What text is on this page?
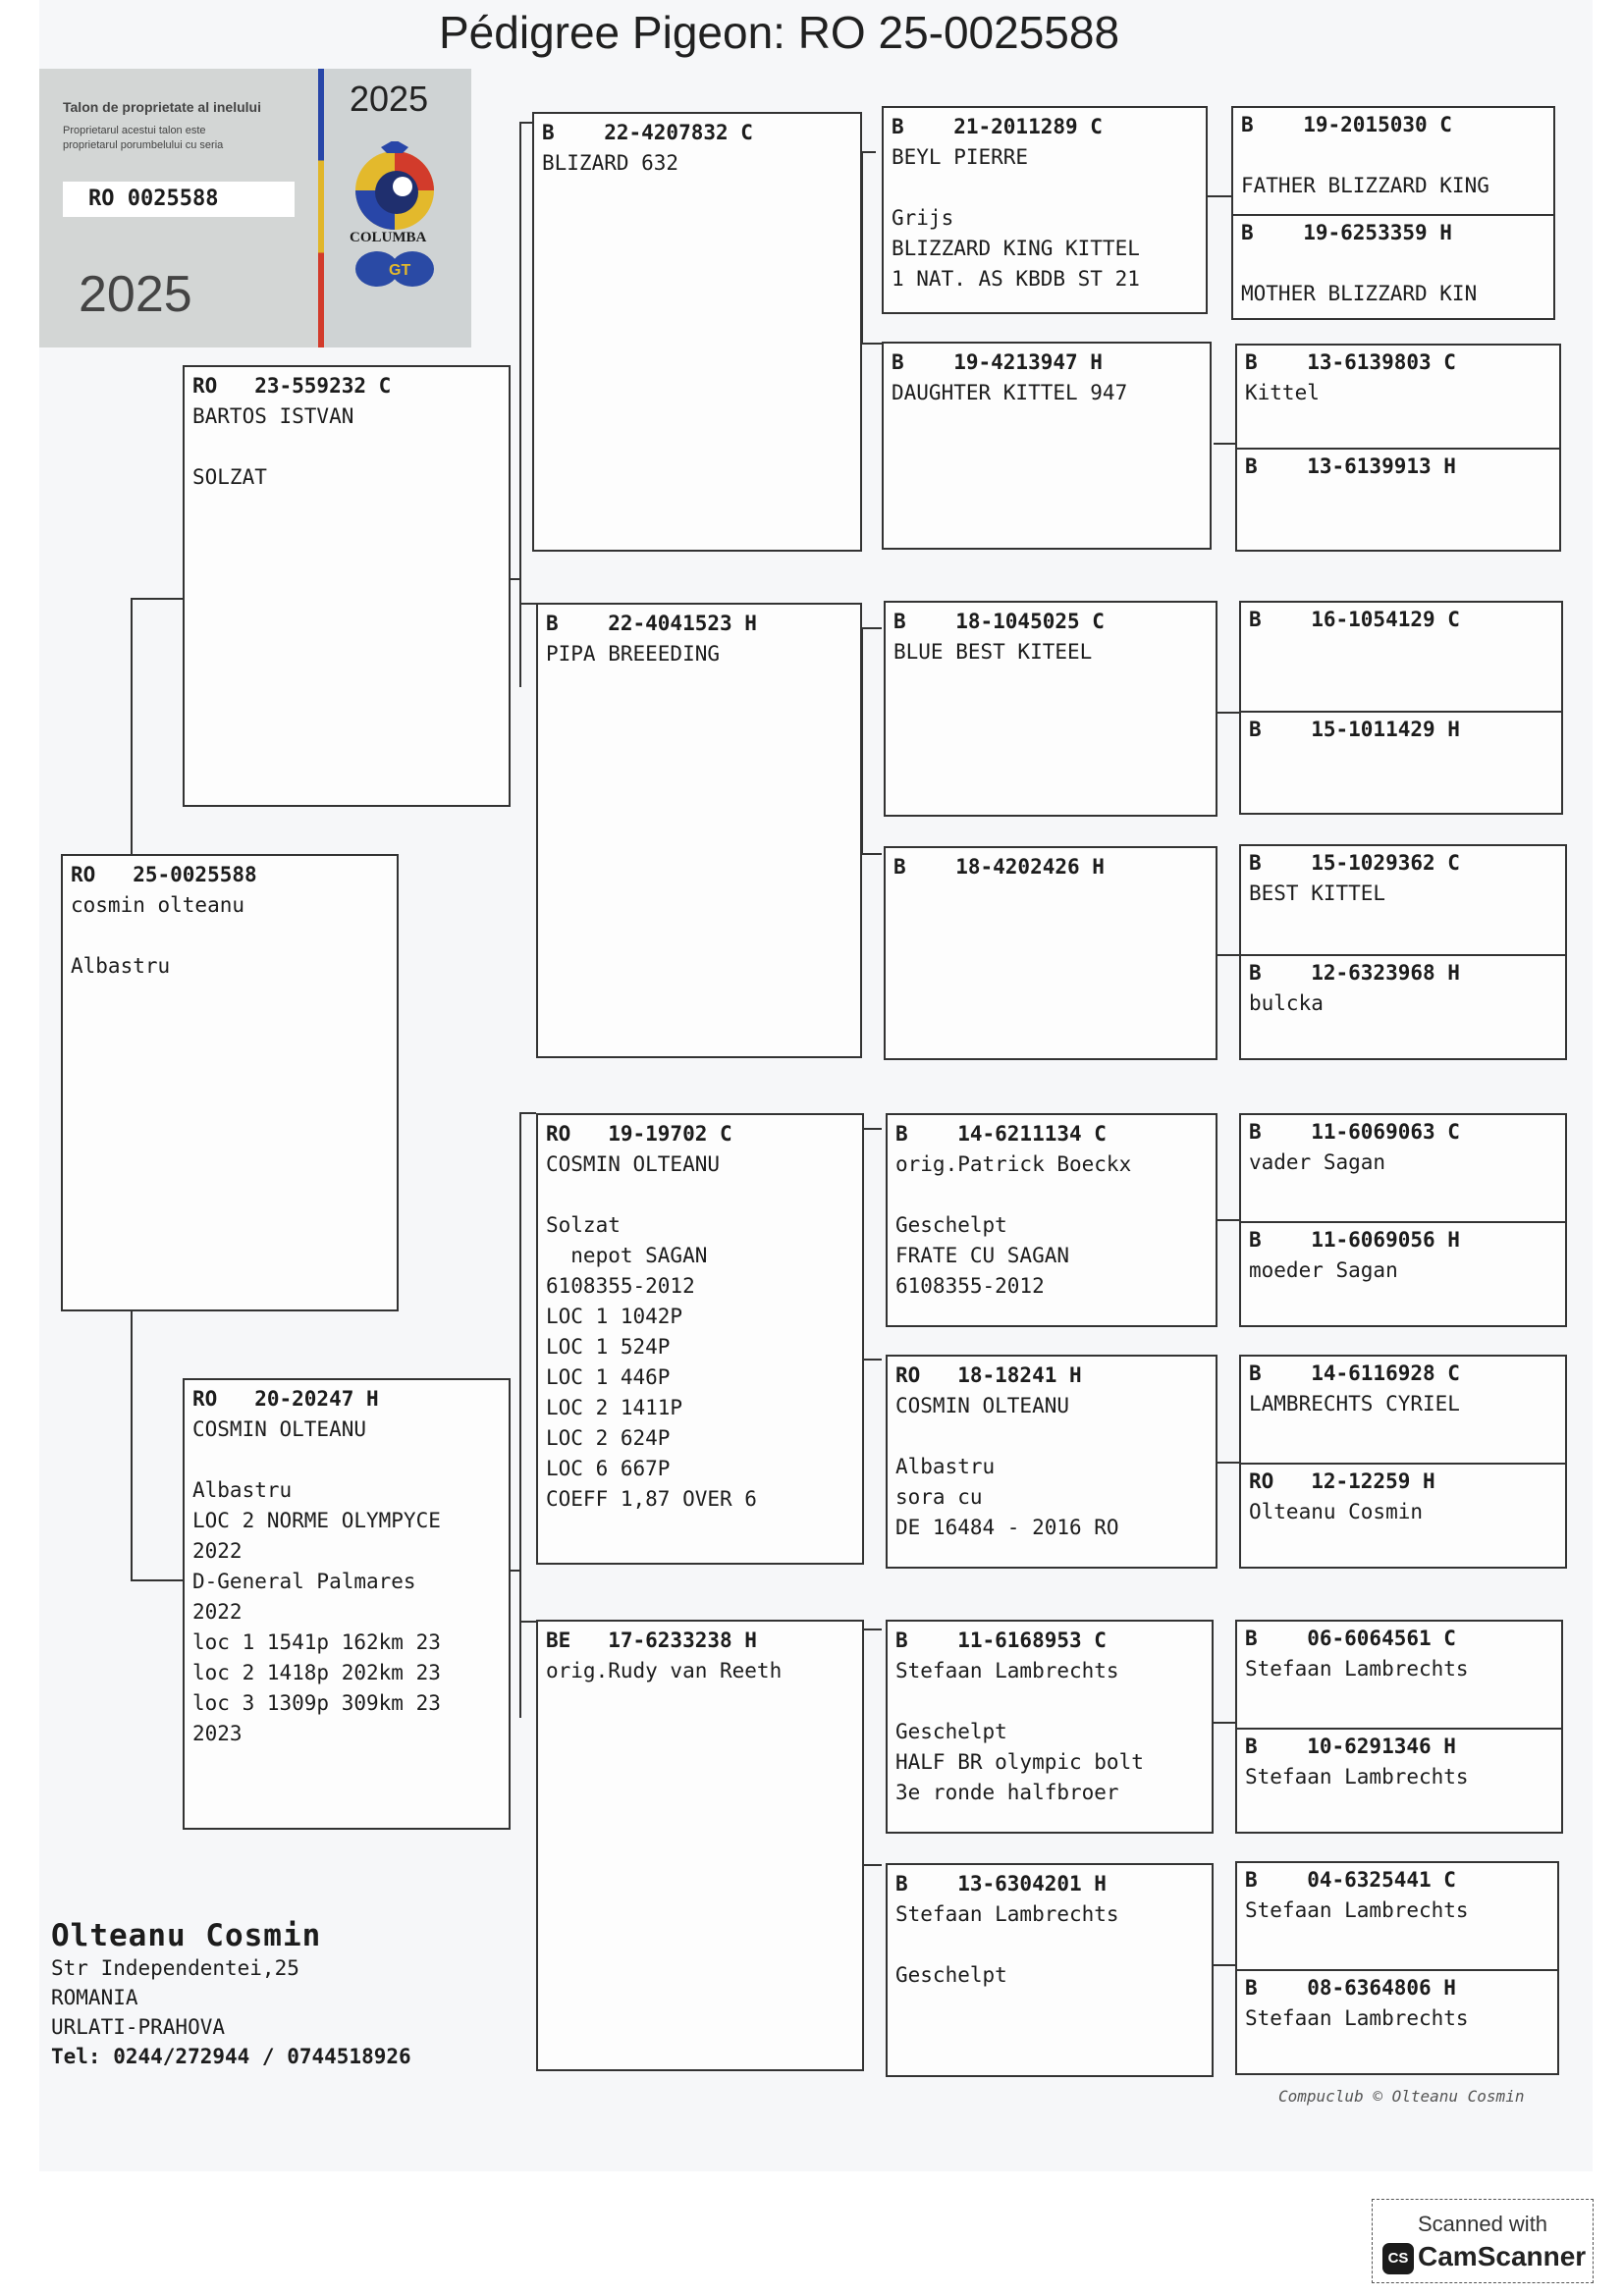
Pédigree Pigeon: RO 25-0025588
Talon de proprietate al inelului
Proprietarul acestui talon este
proprietarul porumbelului cu seria
RO 0025588
2025
2025
GT
COLUMBA
RO   25-0025588
cosmin olteanu

Albastru
RO   23-559232 C
BARTOS ISTVAN

SOLZAT
RO   20-20247 H
COSMIN OLTEANU

Albastru
LOC 2 NORME OLYMPYCE
2022
D-General Palmares
2022
loc 1 1541p 162km 23
loc 2 1418p 202km 23
loc 3 1309p 309km 23
2023
B    22-4207832 C
BLIZARD 632
B    22-4041523 H
PIPA BREEEDING
RO   19-19702 C
COSMIN OLTEANU

Solzat
nepot SAGAN
6108355-2012
LOC 1 1042P
LOC 1 524P
LOC 1 446P
LOC 2 1411P
LOC 2 624P
LOC 6 667P
COEFF 1,87 OVER 6
BE   17-6233238 H
orig.Rudy van Reeth
B    21-2011289 C
BEYL PIERRE

Grijs
BLIZZARD KING KITTEL
1 NAT. AS KBDB ST 21
B    19-4213947 H
DAUGHTER KITTEL 947
B    18-1045025 C
BLUE BEST KITEEL
B    18-4202426 H
B    14-6211134 C
orig.Patrick Boeckx

Geschelpt
FRATE CU SAGAN
6108355-2012
RO   18-18241 H
COSMIN OLTEANU

Albastru
sora cu
DE 16484 - 2016 RO
B    11-6168953 C
Stefaan Lambrechts

Geschelpt
HALF BR olympic bolt
3e ronde halfbroer
B    13-6304201 H
Stefaan Lambrechts

Geschelpt
B    19-2015030 C

FATHER BLIZZARD KING
B    19-6253359 H

MOTHER BLIZZARD KIN
B    13-6139803 C
Kittel
B    13-6139913 H
B    16-1054129 C
B    15-1011429 H
B    15-1029362 C
BEST KITTEL
B    12-6323968 H
bulcka
B    11-6069063 C
vader Sagan
B    11-6069056 H
moeder Sagan
B    14-6116928 C
LAMBRECHTS CYRIEL
RO   12-12259 H
Olteanu Cosmin
B    06-6064561 C
Stefaan Lambrechts
B    10-6291346 H
Stefaan Lambrechts
B    04-6325441 C
Stefaan Lambrechts
B    08-6364806 H
Stefaan Lambrechts
Olteanu Cosmin
Str Independentei,25
ROMANIA
URLATI-PRAHOVA
Tel: 0244/272944 / 0744518926
Compuclub © Olteanu Cosmin
Scanned with
CS CamScanner
